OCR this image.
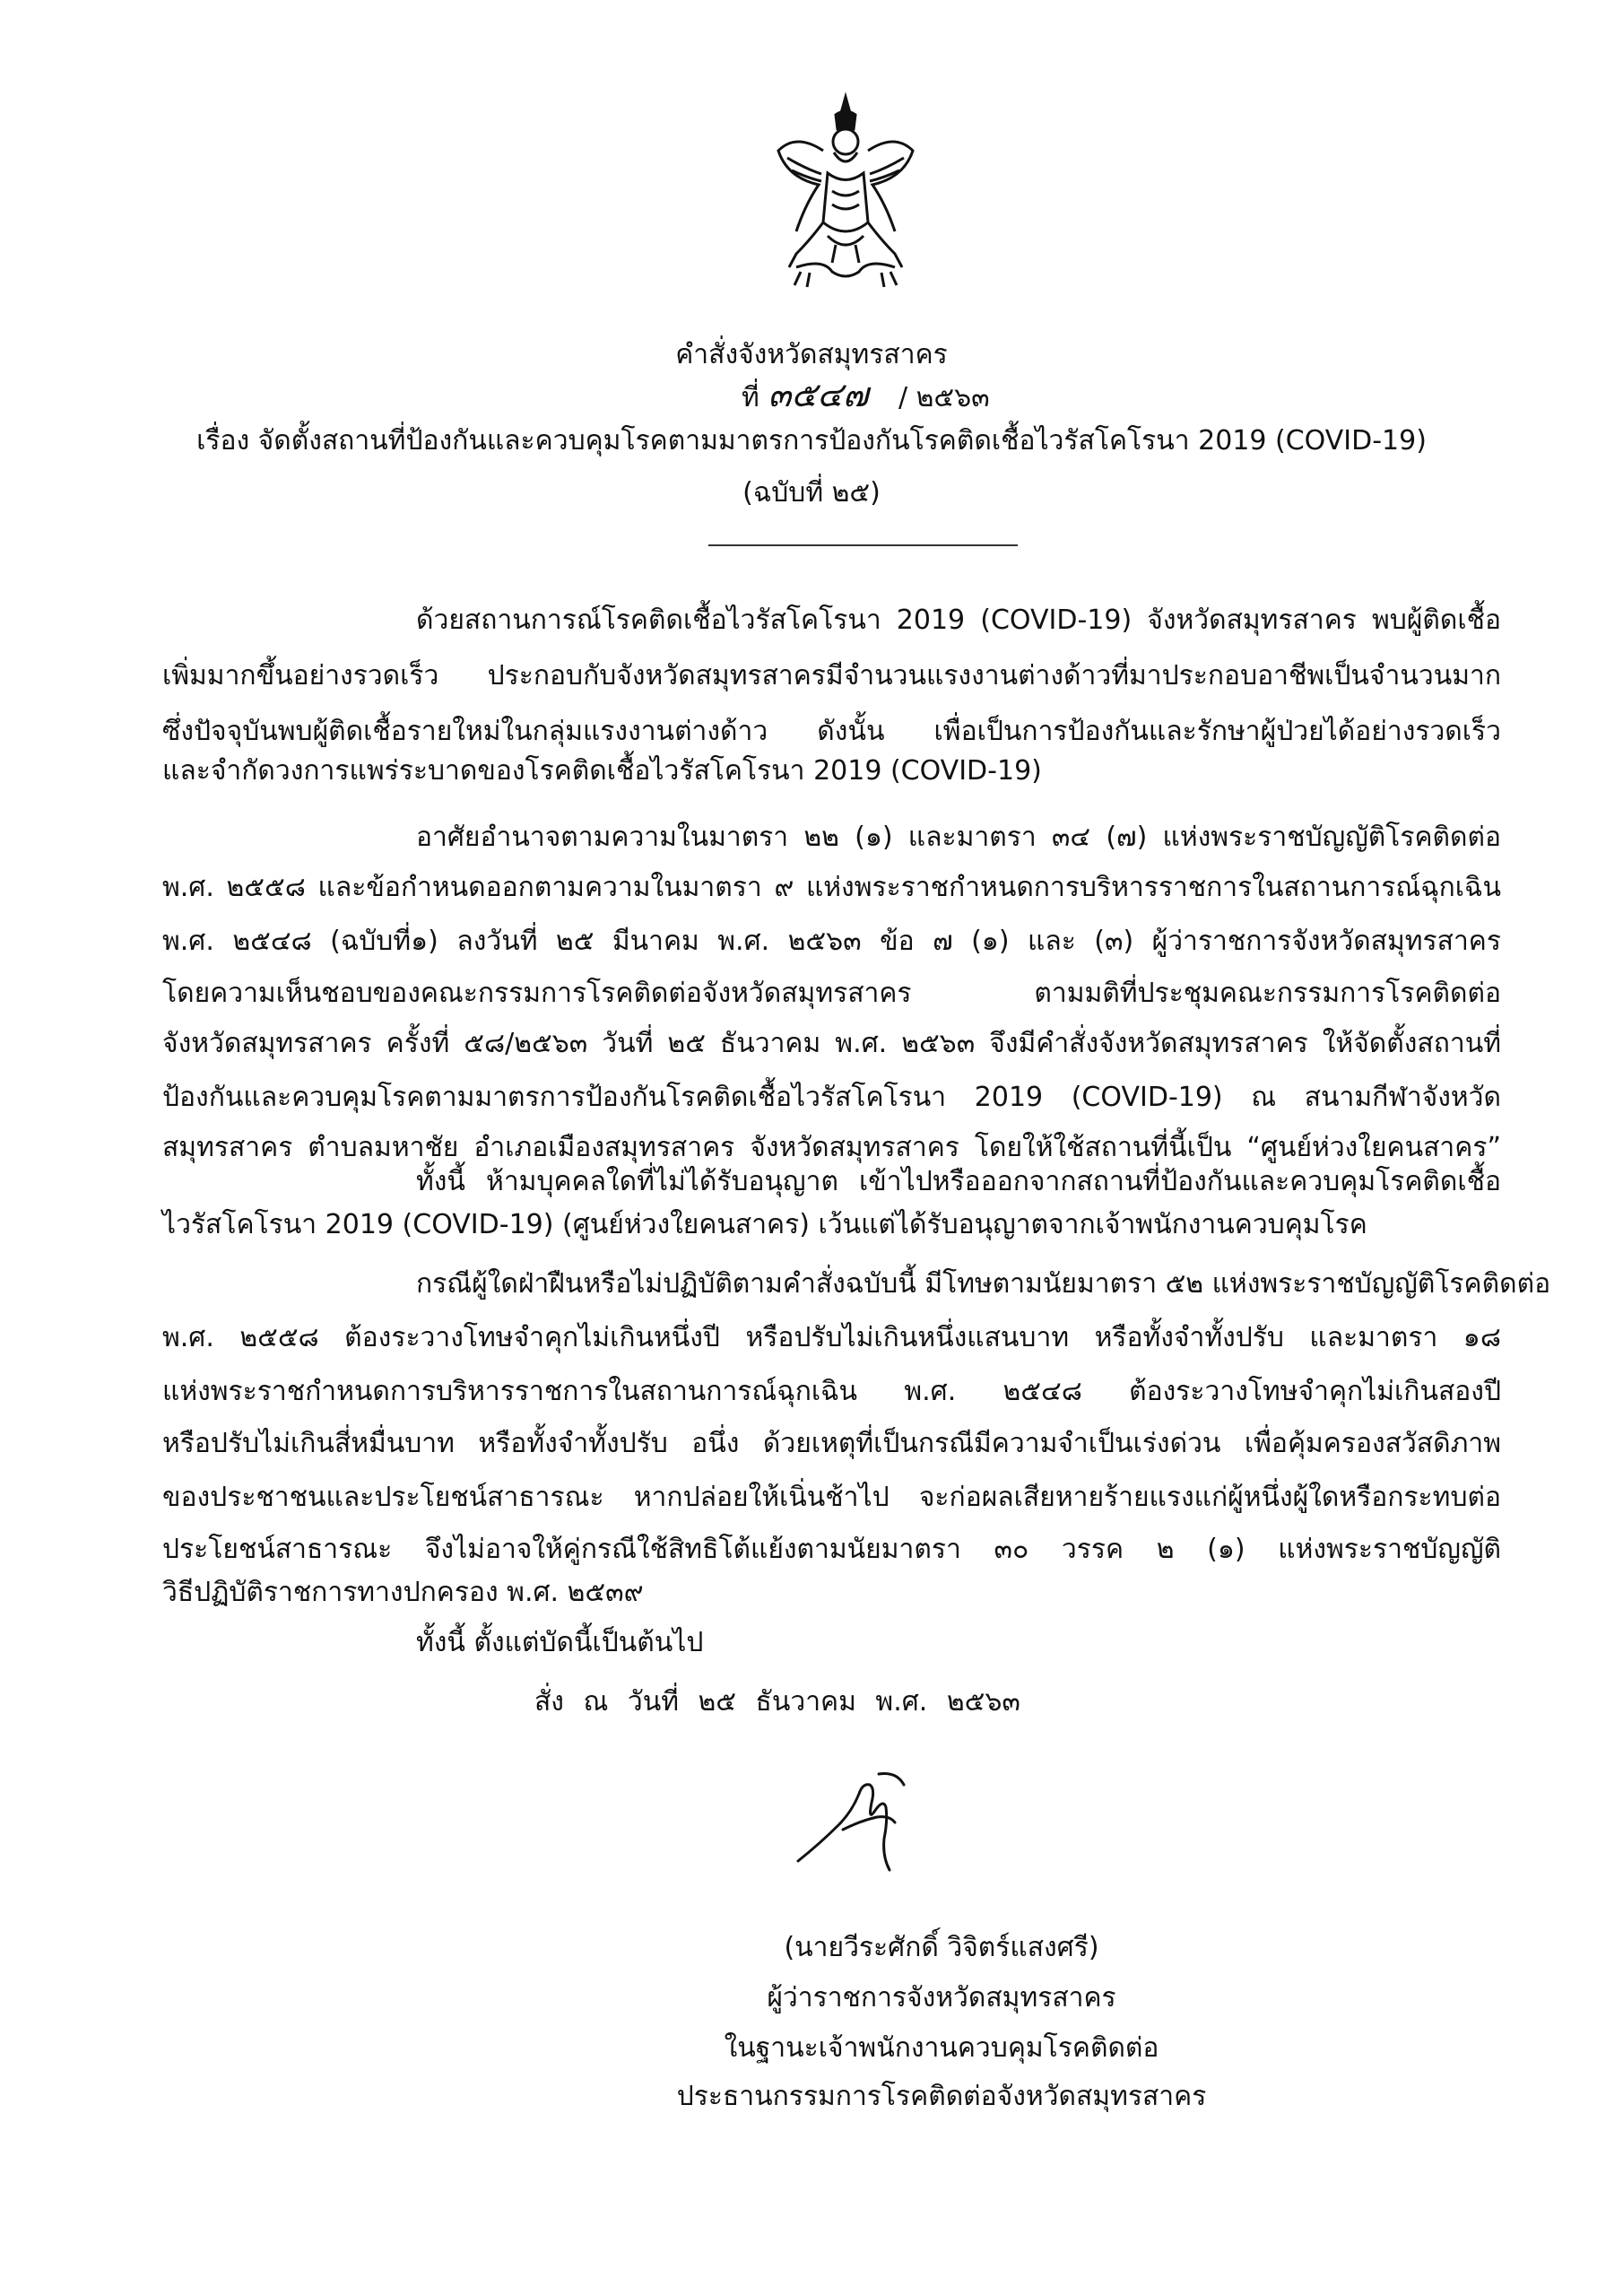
คำสั่งจังหวัดสมุทรสาคร
ที่ ๓๕๔๗ / ๒๕๖๓
เรื่อง จัดตั้งสถานที่ป้องกันและควบคุมโรคตามมาตรการป้องกันโรคติดเชื้อไวรัสโคโรนา 2019 (COVID-19)
(ฉบับที่ ๒๕)
ด้วยสถานการณ์โรคติดเชื้อไวรัสโคโรนา 2019 (COVID-19) จังหวัดสมุทรสาคร พบผู้ติดเชื้อ
เพิ่มมากขึ้นอย่างรวดเร็ว ประกอบกับจังหวัดสมุทรสาครมีจำนวนแรงงานต่างด้าวที่มาประกอบอาชีพเป็นจำนวนมาก
ซึ่งปัจจุบันพบผู้ติดเชื้อรายใหม่ในกลุ่มแรงงานต่างด้าว ดังนั้น เพื่อเป็นการป้องกันและรักษาผู้ป่วยได้อย่างรวดเร็ว
และจำกัดวงการแพร่ระบาดของโรคติดเชื้อไวรัสโคโรนา 2019 (COVID-19)
อาศัยอำนาจตามความในมาตรา ๒๒ (๑) และมาตรา ๓๔ (๗) แห่งพระราชบัญญัติโรคติดต่อ
พ.ศ. ๒๕๕๘ และข้อกำหนดออกตามความในมาตรา ๙ แห่งพระราชกำหนดการบริหารราชการในสถานการณ์ฉุกเฉิน
พ.ศ. ๒๕๔๘ (ฉบับที่๑) ลงวันที่ ๒๕ มีนาคม พ.ศ. ๒๕๖๓ ข้อ ๗ (๑) และ (๓) ผู้ว่าราชการจังหวัดสมุทรสาคร
โดยความเห็นชอบของคณะกรรมการโรคติดต่อจังหวัดสมุทรสาคร ตามมติที่ประชุมคณะกรรมการโรคติดต่อ
จังหวัดสมุทรสาคร ครั้งที่ ๕๘/๒๕๖๓ วันที่ ๒๕ ธันวาคม พ.ศ. ๒๕๖๓ จึงมีคำสั่งจังหวัดสมุทรสาคร ให้จัดตั้งสถานที่
ป้องกันและควบคุมโรคตามมาตรการป้องกันโรคติดเชื้อไวรัสโคโรนา 2019 (COVID-19) ณ สนามกีฬาจังหวัด
สมุทรสาคร ตำบลมหาชัย อำเภอเมืองสมุทรสาคร จังหวัดสมุทรสาคร โดยให้ใช้สถานที่นี้เป็น “ศูนย์ห่วงใยคนสาคร”
ทั้งนี้ ห้ามบุคคลใดที่ไม่ได้รับอนุญาต เข้าไปหรือออกจากสถานที่ป้องกันและควบคุมโรคติดเชื้อ
ไวรัสโคโรนา 2019 (COVID-19) (ศูนย์ห่วงใยคนสาคร) เว้นแต่ได้รับอนุญาตจากเจ้าพนักงานควบคุมโรค
กรณีผู้ใดฝ่าฝืนหรือไม่ปฏิบัติตามคำสั่งฉบับนี้ มีโทษตามนัยมาตรา ๕๒ แห่งพระราชบัญญัติโรคติดต่อ
พ.ศ. ๒๕๕๘ ต้องระวางโทษจำคุกไม่เกินหนึ่งปี หรือปรับไม่เกินหนึ่งแสนบาท หรือทั้งจำทั้งปรับ และมาตรา ๑๘
แห่งพระราชกำหนดการบริหารราชการในสถานการณ์ฉุกเฉิน พ.ศ. ๒๕๔๘ ต้องระวางโทษจำคุกไม่เกินสองปี
หรือปรับไม่เกินสี่หมื่นบาท หรือทั้งจำทั้งปรับ อนึ่ง ด้วยเหตุที่เป็นกรณีมีความจำเป็นเร่งด่วน เพื่อคุ้มครองสวัสดิภาพ
ของประชาชนและประโยชน์สาธารณะ หากปล่อยให้เนิ่นช้าไป จะก่อผลเสียหายร้ายแรงแก่ผู้หนึ่งผู้ใดหรือกระทบต่อ
ประโยชน์สาธารณะ จึงไม่อาจให้คู่กรณีใช้สิทธิโต้แย้งตามนัยมาตรา ๓๐ วรรค ๒ (๑) แห่งพระราชบัญญัติ
วิธีปฏิบัติราชการทางปกครอง พ.ศ. ๒๕๓๙
ทั้งนี้ ตั้งแต่บัดนี้เป็นต้นไป
สั่ง ณ วันที่ ๒๕ ธันวาคม พ.ศ. ๒๕๖๓
(นายวีระศักดิ์ วิจิตร์แสงศรี)
ผู้ว่าราชการจังหวัดสมุทรสาคร
ในฐานะเจ้าพนักงานควบคุมโรคติดต่อ
ประธานกรรมการโรคติดต่อจังหวัดสมุทรสาคร
